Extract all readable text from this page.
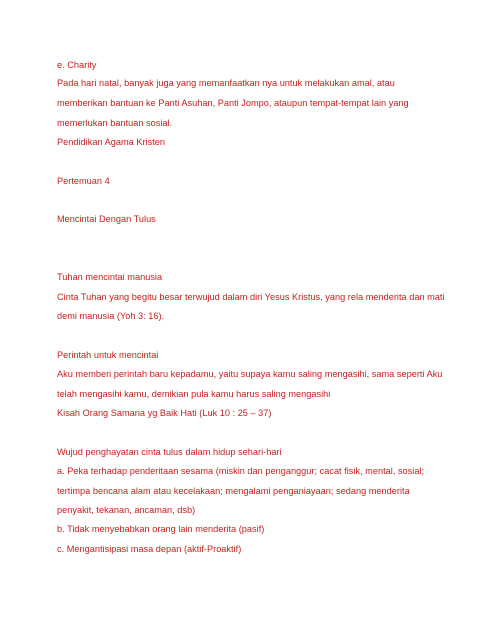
e. Charity
Pada hari natal, banyak juga yang memanfaatkan nya untuk melakukan amal, atau
memberikan bantuan ke Panti Asuhan, Panti Jompo, ataupun tempat-tempat lain yang
memerlukan bantuan sosial.
Pendidikan Agama Kristen
Pertemuan 4
Mencintai Dengan Tulus
Tuhan mencintai manusia
Cinta Tuhan yang begitu besar terwujud dalam diri Yesus Kristus, yang rela menderita dan mati
demi manusia (Yoh 3: 16).
Perintah untuk mencintai
Aku memberi perintah baru kepadamu, yaitu supaya kamu saling mengasihi, sama seperti Aku
telah mengasihi kamu, demikian pula kamu harus saling mengasihi
Kisah Orang Samaria yg Baik Hati (Luk 10 : 25 – 37)
Wujud penghayatan cinta tulus dalam hidup sehari-hari
a. Peka terhadap penderitaan sesama (miskin dan penganggur; cacat fisik, mental, sosial;
tertimpa bencana alam atau kecelakaan; mengalami penganiayaan; sedang menderita
penyakit, tekanan, ancaman, dsb)
b. Tidak menyebabkan orang lain menderita (pasif)
c. Mengantisipasi masa depan (aktif-Proaktif)
